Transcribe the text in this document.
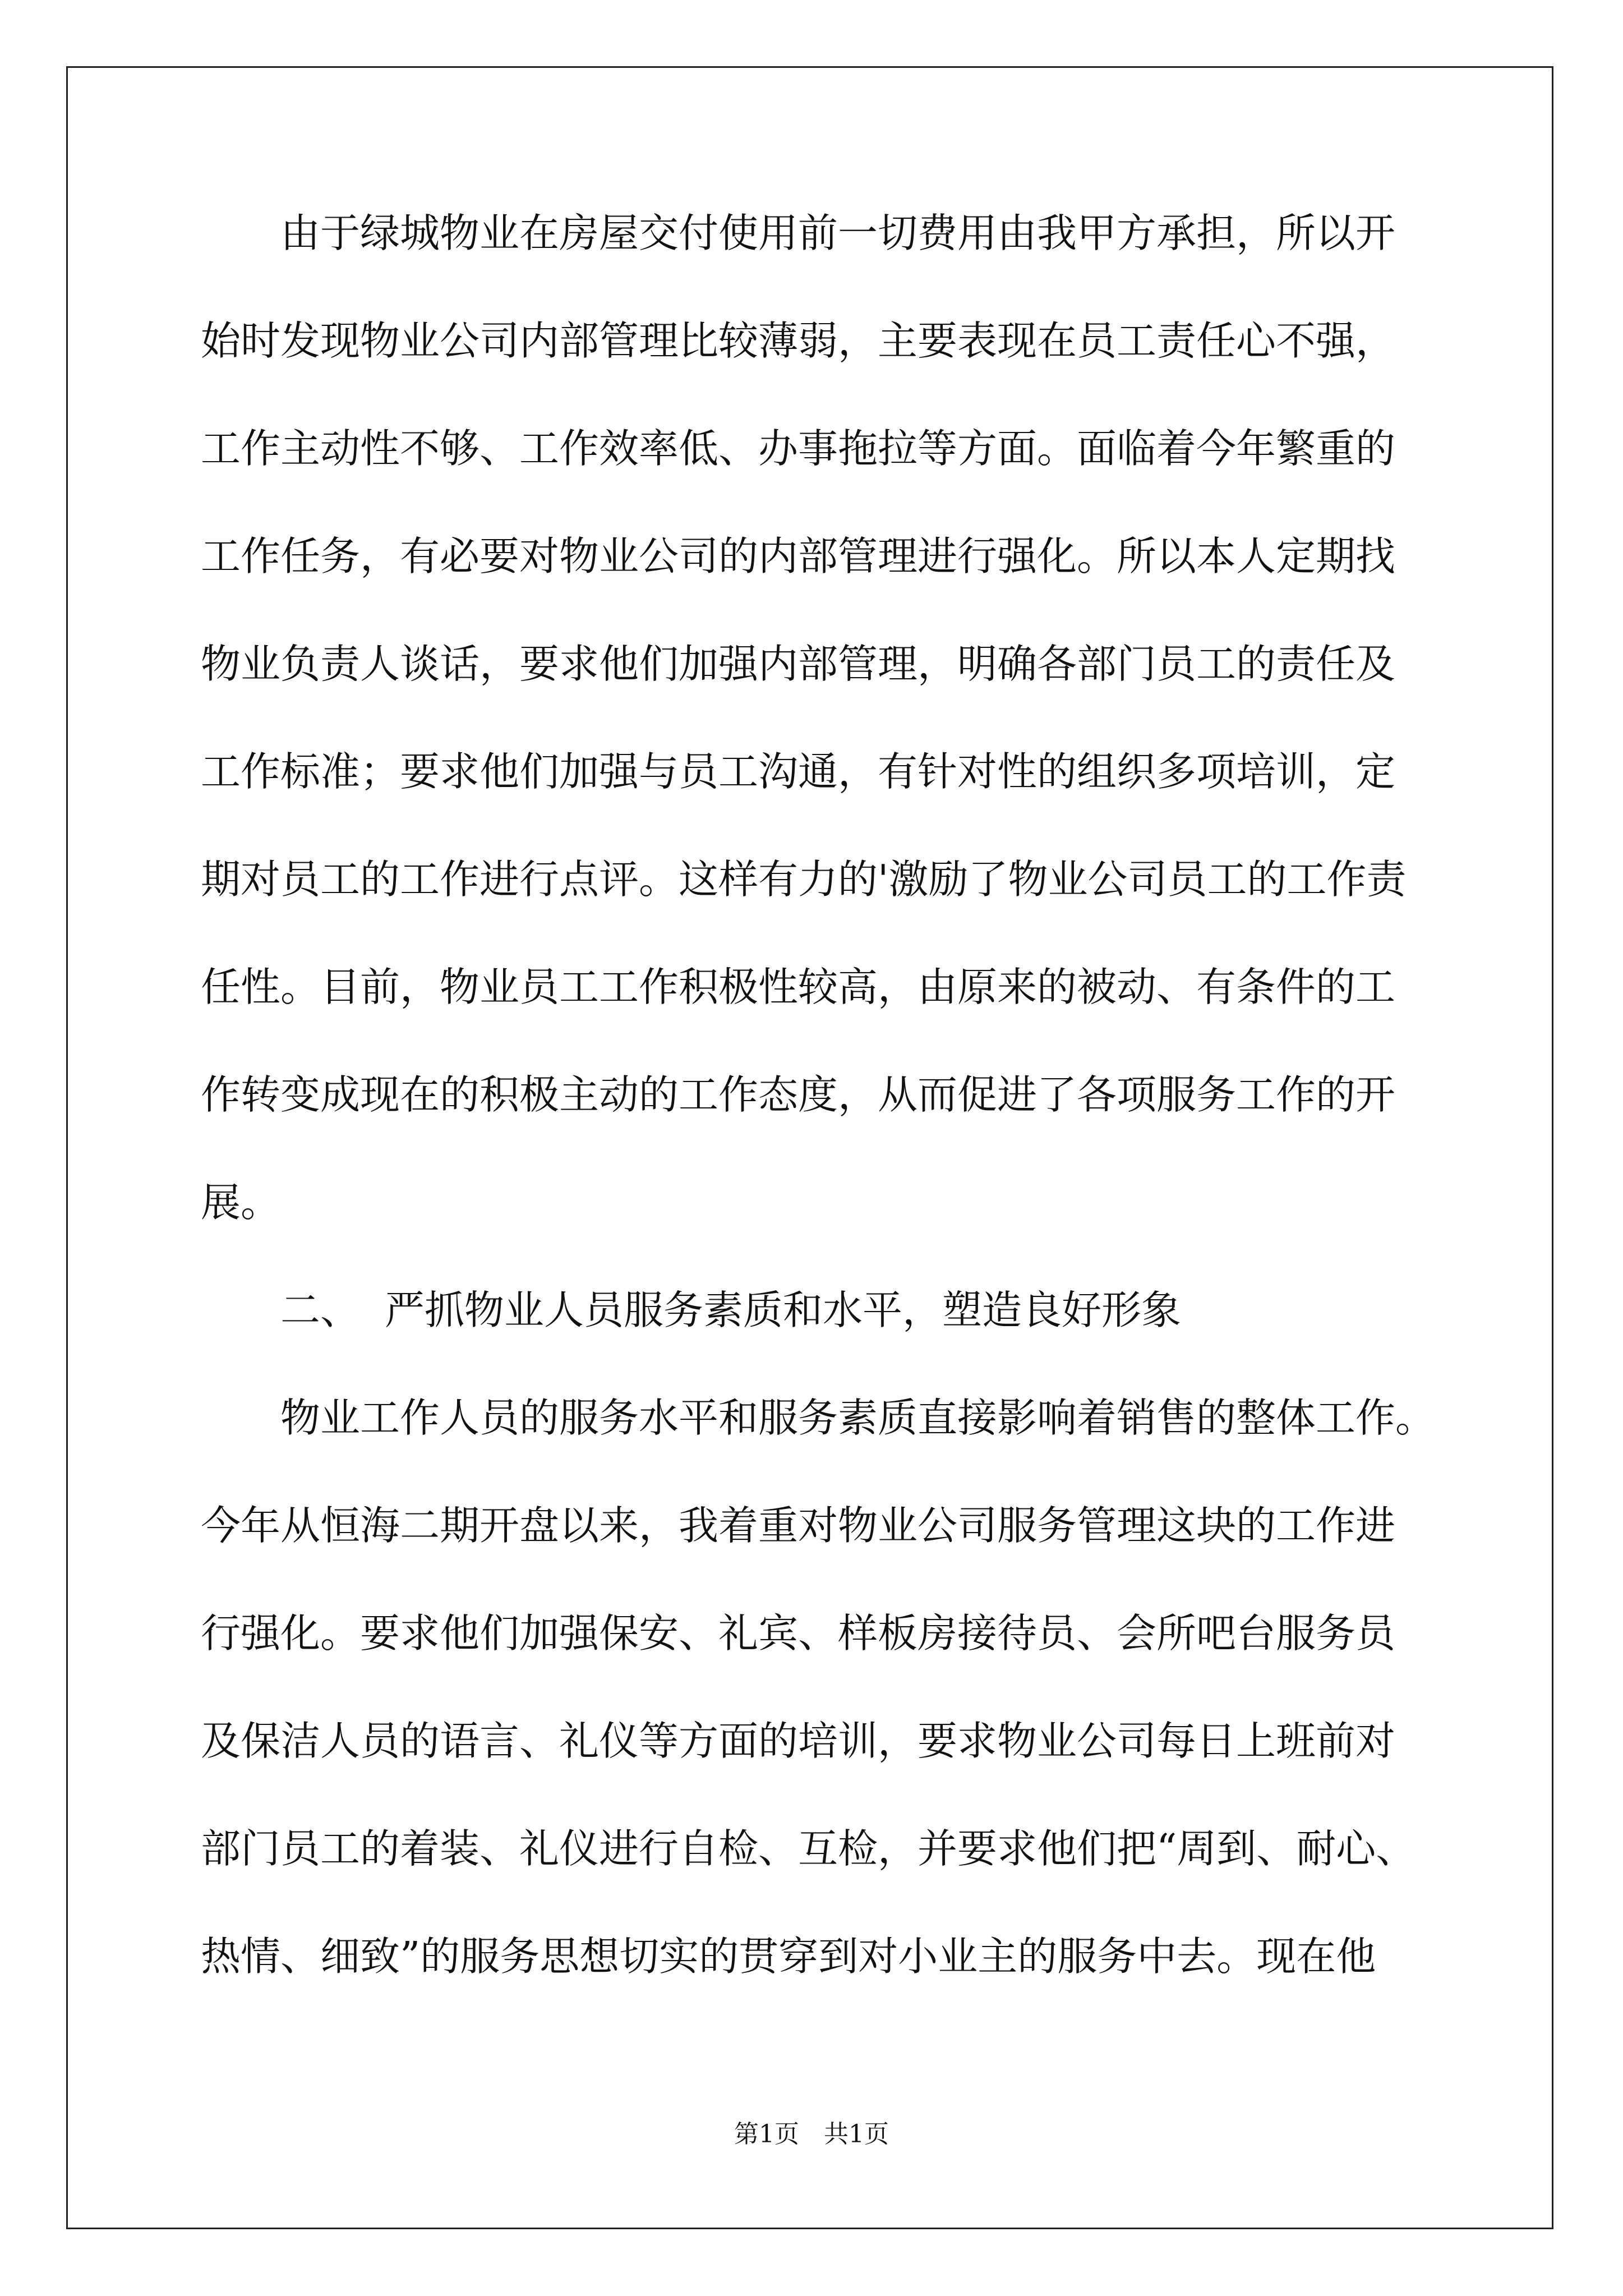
由于绿城物业在房屋交付使用前一切费用由我甲方承担，所以开
始时发现物业公司内部管理比较薄弱，主要表现在员工责任心不强，
工作主动性不够、工作效率低、办事拖拉等方面。面临着今年繁重的
工作任务，有必要对物业公司的内部管理进行强化。所以本人定期找
物业负责人谈话，要求他们加强内部管理，明确各部门员工的责任及
工作标准；要求他们加强与员工沟通，有针对性的组织多项培训，定
期对员工的工作进行点评。这样有力的'激励了物业公司员工的工作责
任性。目前，物业员工工作积极性较高，由原来的被动、有条件的工
作转变成现在的积极主动的工作态度，从而促进了各项服务工作的开
展。
二、 严抓物业人员服务素质和水平，塑造良好形象
物业工作人员的服务水平和服务素质直接影响着销售的整体工作。
今年从恒海二期开盘以来，我着重对物业公司服务管理这块的工作进
行强化。要求他们加强保安、礼宾、样板房接待员、会所吧台服务员
及保洁人员的语言、礼仪等方面的培训，要求物业公司每日上班前对
部门员工的着装、礼仪进行自检、互检，并要求他们把“周到、耐心、
热情、细致”的服务思想切实的贯穿到对小业主的服务中去。现在他
第1页　共1页
